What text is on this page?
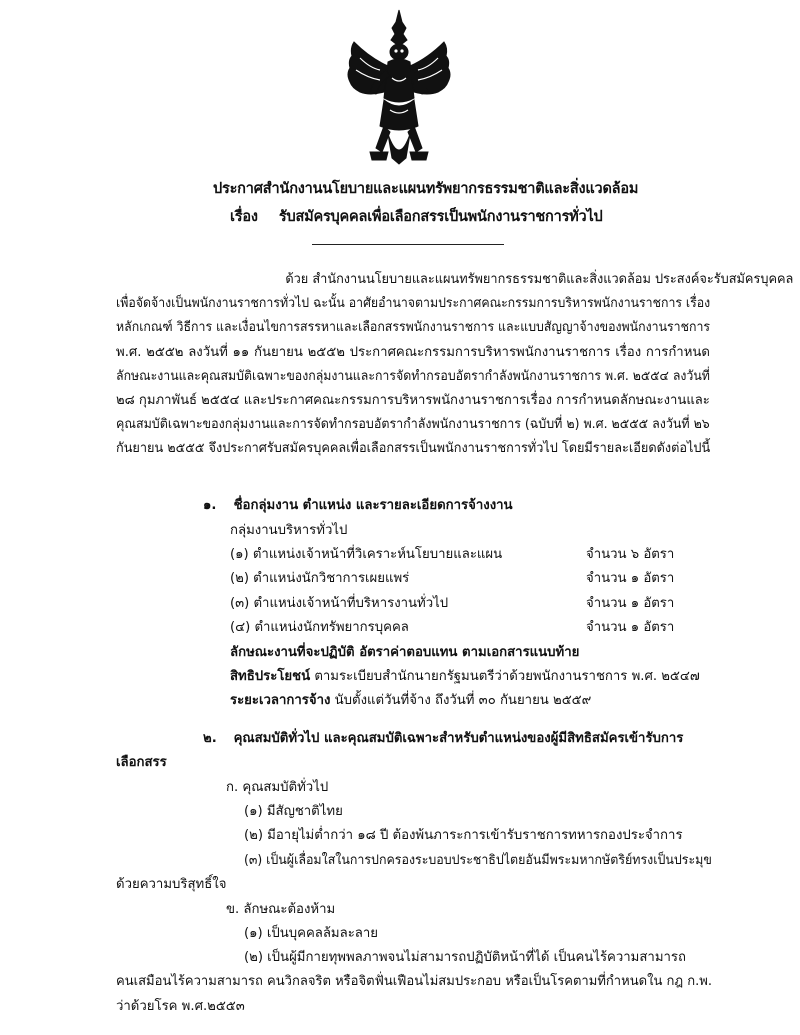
ประกาศสำนักงานนโยบายและแผนทรัพยากรธรรมชาติและสิ่งแวดล้อม
เรื่อง รับสมัครบุคคลเพื่อเลือกสรรเป็นพนักงานราชการทั่วไป
ด้วย สำนักงานนโยบายและแผนทรัพยากรธรรมชาติและสิ่งแวดล้อม ประสงค์จะรับสมัครบุคคล
เพื่อจัดจ้างเป็นพนักงานราชการทั่วไป ฉะนั้น อาศัยอำนาจตามประกาศคณะกรรมการบริหารพนักงานราชการ เรื่อง
หลักเกณฑ์ วิธีการ และเงื่อนไขการสรรหาและเลือกสรรพนักงานราชการ และแบบสัญญาจ้างของพนักงานราชการ
พ.ศ. ๒๕๕๒ ลงวันที่ ๑๑ กันยายน ๒๕๕๒ ประกาศคณะกรรมการบริหารพนักงานราชการ เรื่อง การกำหนด
ลักษณะงานและคุณสมบัติเฉพาะของกลุ่มงานและการจัดทำกรอบอัตรากำลังพนักงานราชการ พ.ศ. ๒๕๕๔ ลงวันที่
๒๘ กุมภาพันธ์ ๒๕๕๔ และประกาศคณะกรรมการบริหารพนักงานราชการเรื่อง การกำหนดลักษณะงานและ
คุณสมบัติเฉพาะของกลุ่มงานและการจัดทำกรอบอัตรากำลังพนักงานราชการ (ฉบับที่ ๒) พ.ศ. ๒๕๕๕ ลงวันที่ ๒๖
กันยายน ๒๕๕๕ จึงประกาศรับสมัครบุคคลเพื่อเลือกสรรเป็นพนักงานราชการทั่วไป โดยมีรายละเอียดดังต่อไปนี้
๑. ชื่อกลุ่มงาน ตำแหน่ง และรายละเอียดการจ้างงาน
กลุ่มงานบริหารทั่วไป
(๑) ตำแหน่งเจ้าหน้าที่วิเคราะห์นโยบายและแผน	จำนวน ๖ อัตรา
(๒) ตำแหน่งนักวิชาการเผยแพร่	จำนวน ๑ อัตรา
(๓) ตำแหน่งเจ้าหน้าที่บริหารงานทั่วไป	จำนวน ๑ อัตรา
(๔) ตำแหน่งนักทรัพยากรบุคคล	จำนวน ๑ อัตรา
ลักษณะงานที่จะปฏิบัติ อัตราค่าตอบแทน ตามเอกสารแนบท้าย
สิทธิประโยชน์ ตามระเบียบสำนักนายกรัฐมนตรีว่าด้วยพนักงานราชการ พ.ศ. ๒๕๔๗
ระยะเวลาการจ้าง นับตั้งแต่วันที่จ้าง ถึงวันที่ ๓๐ กันยายน ๒๕๕๙
๒. คุณสมบัติทั่วไป และคุณสมบัติเฉพาะสำหรับตำแหน่งของผู้มีสิทธิสมัครเข้ารับการ
เลือกสรร
ก. คุณสมบัติทั่วไป
(๑) มีสัญชาติไทย
(๒) มีอายุไม่ต่ำกว่า ๑๘ ปี ต้องพ้นภาระการเข้ารับราชการทหารกองประจำการ
(๓) เป็นผู้เลื่อมใสในการปกครองระบอบประชาธิปไตยอันมีพระมหากษัตริย์ทรงเป็นประมุข
ด้วยความบริสุทธิ์ใจ
ข. ลักษณะต้องห้าม
(๑) เป็นบุคคลล้มละลาย
(๒) เป็นผู้มีกายทุพพลภาพจนไม่สามารถปฏิบัติหน้าที่ได้ เป็นคนไร้ความสามารถ
คนเสมือนไร้ความสามารถ คนวิกลจริต หรือจิตฟั่นเฟือนไม่สมประกอบ หรือเป็นโรคตามที่กำหนดใน กฎ ก.พ.
ว่าด้วยโรค พ.ศ.๒๕๕๓
